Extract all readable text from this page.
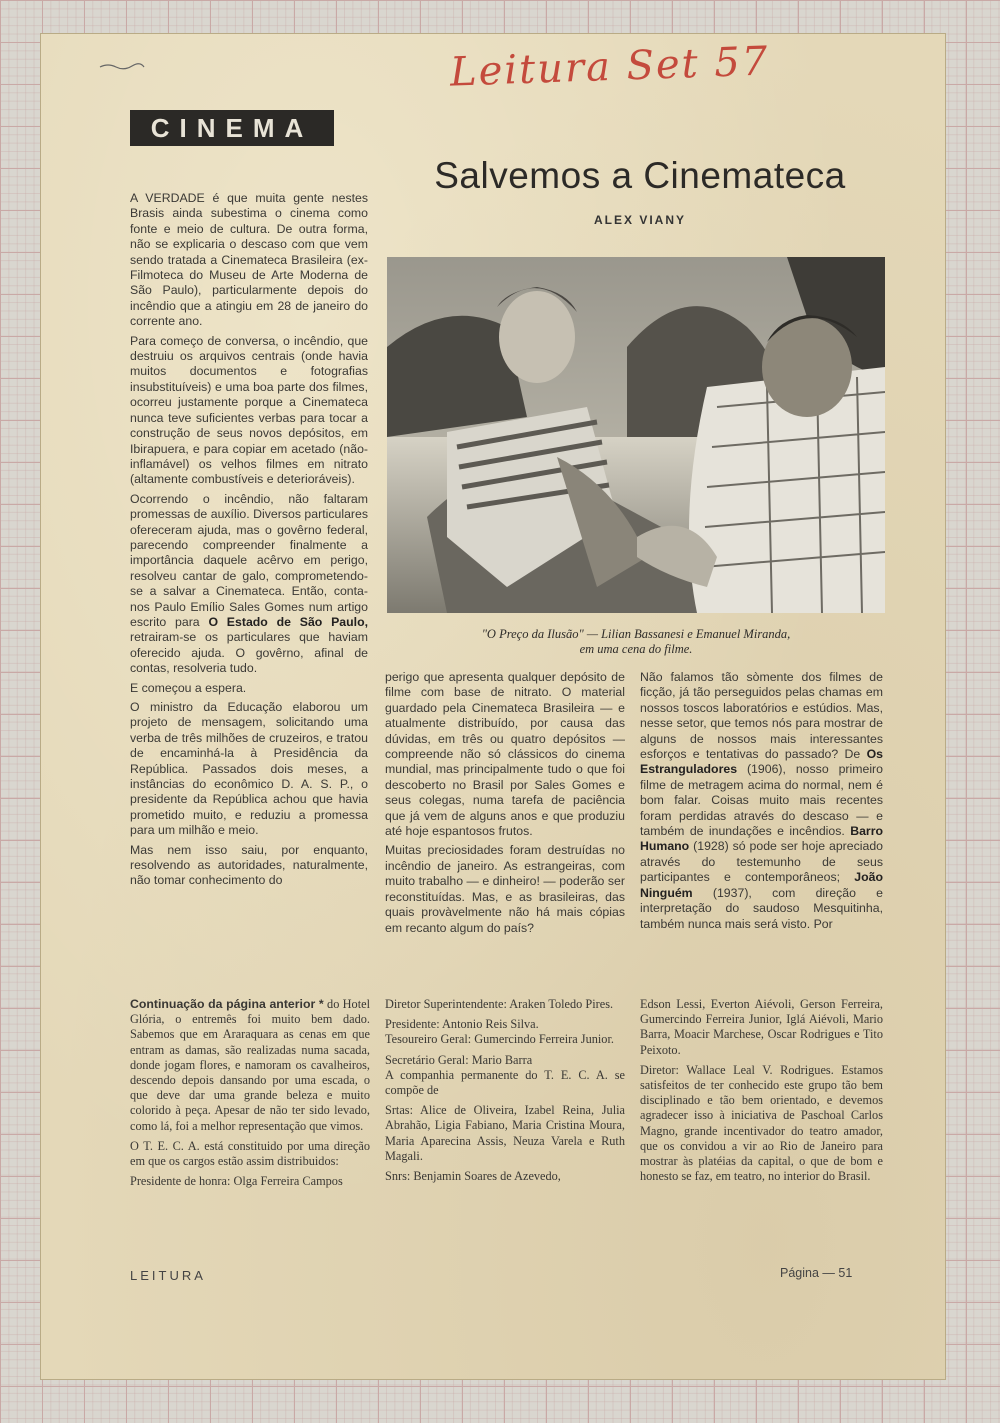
Leitura Set 57
CINEMA
Salvemos a Cinemateca
ALEX VIANY
"O Preço da Ilusão" — Lilian Bassanesi e Emanuel Miranda,
em uma cena do filme.

A VERDADE é que muita gente nestes Brasis ainda subestima o cinema como fonte e meio de cultura. De outra forma, não se explicaria o descaso com que vem sendo tratada a Cinemateca Brasileira (ex-Filmoteca do Museu de Arte Moderna de São Paulo), particularmente depois do incêndio que a atingiu em 28 de janeiro do corrente ano.

Para começo de conversa, o incêndio, que destruiu os arquivos centrais (onde havia muitos documentos e fotografias insubstituíveis) e uma boa parte dos filmes, ocorreu justamente porque a Cinemateca nunca teve suficientes verbas para tocar a construção de seus novos depósitos, em Ibirapuera, e para copiar em acetado (não-inflamável) os velhos filmes em nitrato (altamente combustíveis e deterioráveis).

Ocorrendo o incêndio, não faltaram promessas de auxílio. Diversos particulares ofereceram ajuda, mas o govêrno federal, parecendo compreender finalmente a importância daquele acêrvo em perigo, resolveu cantar de galo, comprometendo-se a salvar a Cinemateca. Então, conta-nos Paulo Emílio Sales Gomes num artigo escrito para O Estado de São Paulo, retrairam-se os particulares que haviam oferecido ajuda. O govêrno, afinal de contas, resolveria tudo.

E começou a espera.

O ministro da Educação elaborou um projeto de mensagem, solicitando uma verba de três milhões de cruzeiros, e tratou de encaminhá-la à Presidência da República. Passados dois meses, a instâncias do econômico D. A. S. P., o presidente da República achou que havia prometido muito, e reduziu a promessa para um milhão e meio.

Mas nem isso saiu, por enquanto, resolvendo as autoridades, naturalmente, não tomar conhecimento do

perigo que apresenta qualquer depósito de filme com base de nitrato. O material guardado pela Cinemateca Brasileira — e atualmente distribuído, por causa das dúvidas, em três ou quatro depósitos — compreende não só clássicos do cinema mundial, mas principalmente tudo o que foi descoberto no Brasil por Sales Gomes e seus colegas, numa tarefa de paciência que já vem de alguns anos e que produziu até hoje espantosos frutos.

Muitas preciosidades foram destruídas no incêndio de janeiro. As estrangeiras, com muito trabalho — e dinheiro! — poderão ser reconstituídas. Mas, e as brasileiras, das quais provàvelmente não há mais cópias em recanto algum do país?

Não falamos tão sòmente dos filmes de ficção, já tão perseguidos pelas chamas em nossos toscos laboratórios e estúdios. Mas, nesse setor, que temos nós para mostrar de alguns de nossos mais interessantes esforços e tentativas do passado? De Os Estranguladores (1906), nosso primeiro filme de metragem acima do normal, nem é bom falar. Coisas muito mais recentes foram perdidas através do descaso — e também de inundações e incêndios. Barro Humano (1928) só pode ser hoje apreciado através do testemunho de seus participantes e contemporâneos; João Ninguém (1937), com direção e interpretação do saudoso Mesquitinha, também nunca mais será visto. Por

Continuação da página anterior * do Hotel Glória, o entremês foi muito bem dado. Sabemos que em Araraquara as cenas em que entram as damas, são realizadas numa sacada, donde jogam flores, e namoram os cavalheiros, descendo depois dansando por uma escada, o que deve dar uma grande beleza e muito colorido à peça. Apesar de não ter sido levado, como lá, foi a melhor representação que vimos.

O T. E. C. A. está constituido por uma direção em que os cargos estão assim distribuidos:

Presidente de honra: Olga Ferreira Campos

Diretor Superintendente: Araken Toledo Pires.

Presidente: Antonio Reis Silva.

Tesoureiro Geral: Gumercindo Ferreira Junior.

Secretário Geral: Mario Barra

A companhia permanente do T. E. C. A. se compõe de

Srtas: Alice de Oliveira, Izabel Reina, Julia Abrahão, Ligia Fabiano, Maria Cristina Moura, Maria Aparecina Assis, Neuza Varela e Ruth Magali.

Snrs: Benjamin Soares de Azevedo,

Edson Lessi, Everton Aiévoli, Gerson Ferreira, Gumercindo Ferreira Junior, Iglá Aiévoli, Mario Barra, Moacir Marchese, Oscar Rodrigues e Tito Peixoto.

Diretor: Wallace Leal V. Rodrigues. Estamos satisfeitos de ter conhecido este grupo tão bem disciplinado e tão bem orientado, e devemos agradecer isso à iniciativa de Paschoal Carlos Magno, grande incentivador do teatro amador, que os convidou a vir ao Rio de Janeiro para mostrar às platéias da capital, o que de bom e honesto se faz, em teatro, no interior do Brasil.

LEITURA	Página — 51
